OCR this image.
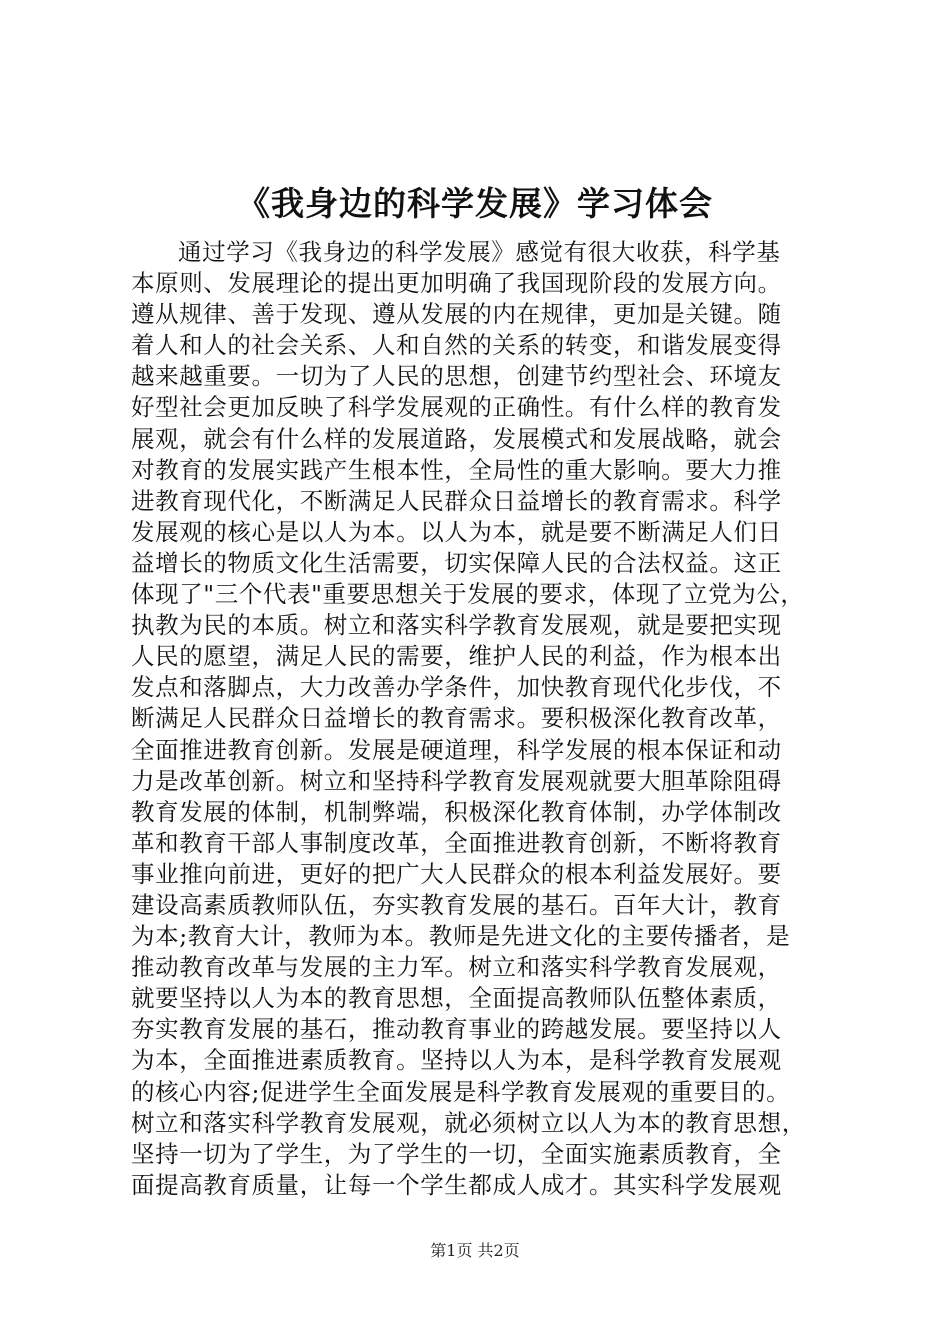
《我身边的科学发展》学习体会
通过学习《我身边的科学发展》感觉有很大收获，科学基
本原则、发展理论的提出更加明确了我国现阶段的发展方向。
遵从规律、善于发现、遵从发展的内在规律，更加是关键。随
着人和人的社会关系、人和自然的关系的转变，和谐发展变得
越来越重要。一切为了人民的思想，创建节约型社会、环境友
好型社会更加反映了科学发展观的正确性。有什么样的教育发
展观，就会有什么样的发展道路，发展模式和发展战略，就会
对教育的发展实践产生根本性，全局性的重大影响。要大力推
进教育现代化，不断满足人民群众日益增长的教育需求。科学
发展观的核心是以人为本。以人为本，就是要不断满足人们日
益增长的物质文化生活需要，切实保障人民的合法权益。这正
体现了"三个代表"重要思想关于发展的要求，体现了立党为公，
执教为民的本质。树立和落实科学教育发展观，就是要把实现
人民的愿望，满足人民的需要，维护人民的利益，作为根本出
发点和落脚点，大力改善办学条件，加快教育现代化步伐，不
断满足人民群众日益增长的教育需求。要积极深化教育改革，
全面推进教育创新。发展是硬道理，科学发展的根本保证和动
力是改革创新。树立和坚持科学教育发展观就要大胆革除阻碍
教育发展的体制，机制弊端，积极深化教育体制，办学体制改
革和教育干部人事制度改革，全面推进教育创新，不断将教育
事业推向前进，更好的把广大人民群众的根本利益发展好。要
建设高素质教师队伍，夯实教育发展的基石。百年大计，教育
为本;教育大计，教师为本。教师是先进文化的主要传播者，是
推动教育改革与发展的主力军。树立和落实科学教育发展观，
就要坚持以人为本的教育思想，全面提高教师队伍整体素质，
夯实教育发展的基石，推动教育事业的跨越发展。要坚持以人
为本，全面推进素质教育。坚持以人为本，是科学教育发展观
的核心内容;促进学生全面发展是科学教育发展观的重要目的。
树立和落实科学教育发展观，就必须树立以人为本的教育思想，
坚持一切为了学生，为了学生的一切，全面实施素质教育，全
面提高教育质量，让每一个学生都成人成才。其实科学发展观
第1页 共2页
